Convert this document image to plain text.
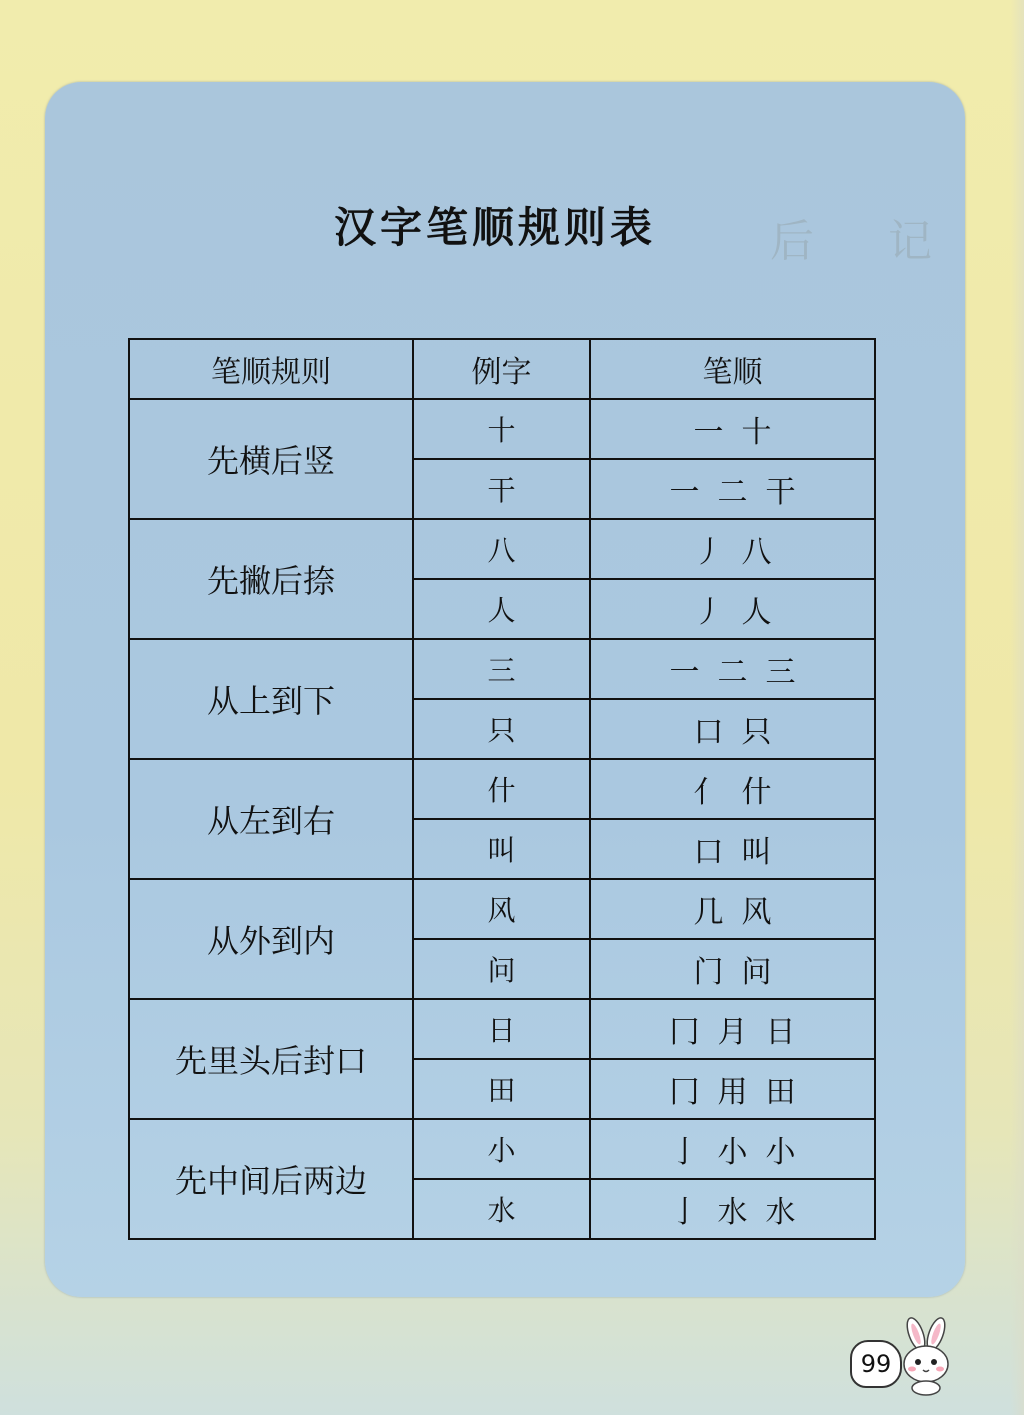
后 记
汉字笔顺规则表
笔顺规则	例字	笔顺
先横后竖	十	一 十
	干	一 二 干
先撇后捺	八	丿 八
	人	丿 人
从上到下	三	一 二 三
	只	口 只
从左到右	什	亻 什
	叫	口 叫
从外到内	风	几 风
	问	门 问
先里头后封口	日	冂 月 日
	田	冂 用 田
先中间后两边	小	亅 小 小
	水	亅 水 水
99
